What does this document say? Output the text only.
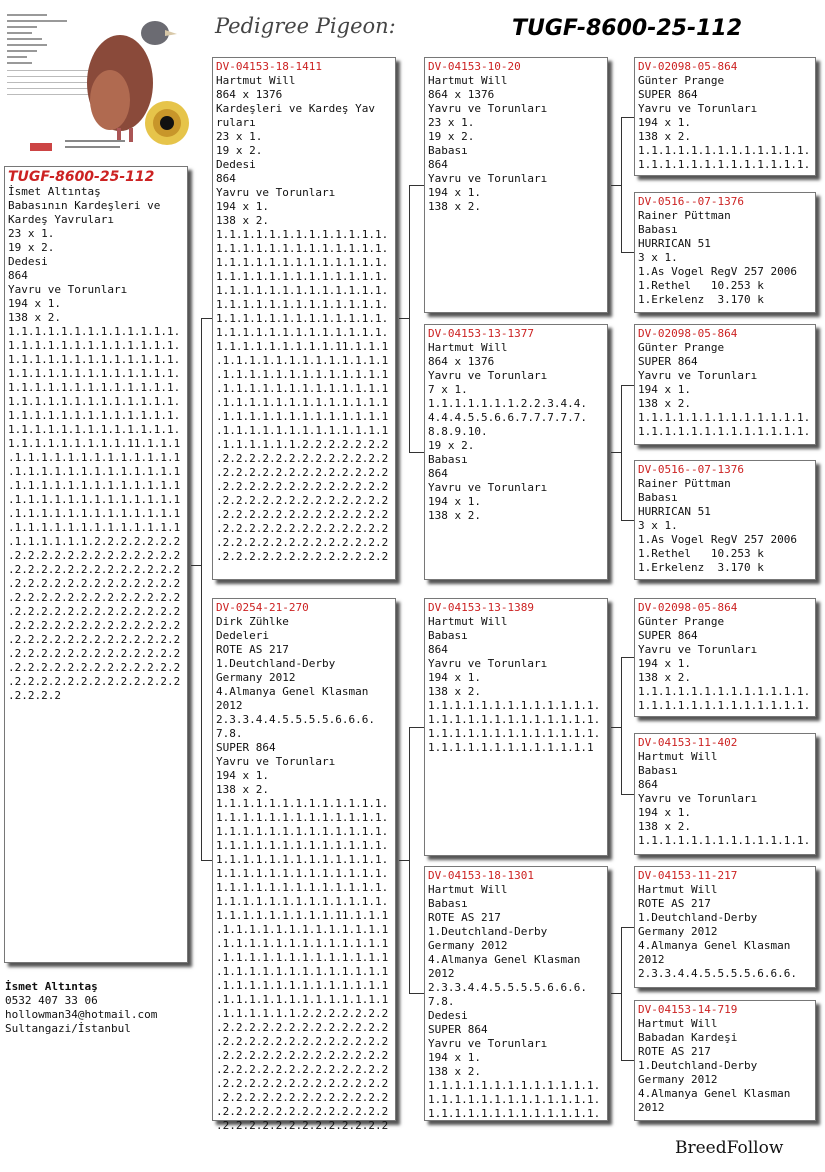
Pedigree Pigeon:	TUGF-8600-25-112
TUGF-8600-25-112
İsmet Altıntaş
Babasının Kardeşleri ve
Kardeş Yavruları
23 x 1.
19 x 2.
Dedesi
864
Yavru ve Torunları
194 x 1.
138 x 2.
1.1.1.1.1.1.1.1.1.1.1.1.1.
1.1.1.1.1.1.1.1.1.1.1.1.1.
1.1.1.1.1.1.1.1.1.1.1.1.1.
1.1.1.1.1.1.1.1.1.1.1.1.1.
1.1.1.1.1.1.1.1.1.1.1.1.1.
1.1.1.1.1.1.1.1.1.1.1.1.1.
1.1.1.1.1.1.1.1.1.1.1.1.1.
1.1.1.1.1.1.1.1.1.1.1.1.1.
1.1.1.1.1.1.1.1.1.11.1.1.1
.1.1.1.1.1.1.1.1.1.1.1.1.1
.1.1.1.1.1.1.1.1.1.1.1.1.1
.1.1.1.1.1.1.1.1.1.1.1.1.1
.1.1.1.1.1.1.1.1.1.1.1.1.1
.1.1.1.1.1.1.1.1.1.1.1.1.1
.1.1.1.1.1.1.1.1.1.1.1.1.1
.1.1.1.1.1.1.2.2.2.2.2.2.2
.2.2.2.2.2.2.2.2.2.2.2.2.2
.2.2.2.2.2.2.2.2.2.2.2.2.2
.2.2.2.2.2.2.2.2.2.2.2.2.2
.2.2.2.2.2.2.2.2.2.2.2.2.2
.2.2.2.2.2.2.2.2.2.2.2.2.2
.2.2.2.2.2.2.2.2.2.2.2.2.2
.2.2.2.2.2.2.2.2.2.2.2.2.2
.2.2.2.2.2.2.2.2.2.2.2.2.2
.2.2.2.2.2.2.2.2.2.2.2.2.2
.2.2.2.2.2.2.2.2.2.2.2.2.2
.2.2.2.2
DV-04153-18-1411
Hartmut Will
864 x 1376
Kardeşleri ve Kardeş Yav
ruları
23 x 1.
19 x 2.
Dedesi
864
Yavru ve Torunları
194 x 1.
138 x 2.
1.1.1.1.1.1.1.1.1.1.1.1.1.
1.1.1.1.1.1.1.1.1.1.1.1.1.
1.1.1.1.1.1.1.1.1.1.1.1.1.
1.1.1.1.1.1.1.1.1.1.1.1.1.
1.1.1.1.1.1.1.1.1.1.1.1.1.
1.1.1.1.1.1.1.1.1.1.1.1.1.
1.1.1.1.1.1.1.1.1.1.1.1.1.
1.1.1.1.1.1.1.1.1.1.1.1.1.
1.1.1.1.1.1.1.1.1.11.1.1.1
.1.1.1.1.1.1.1.1.1.1.1.1.1
.1.1.1.1.1.1.1.1.1.1.1.1.1
.1.1.1.1.1.1.1.1.1.1.1.1.1
.1.1.1.1.1.1.1.1.1.1.1.1.1
.1.1.1.1.1.1.1.1.1.1.1.1.1
.1.1.1.1.1.1.1.1.1.1.1.1.1
.1.1.1.1.1.1.2.2.2.2.2.2.2
.2.2.2.2.2.2.2.2.2.2.2.2.2
.2.2.2.2.2.2.2.2.2.2.2.2.2
.2.2.2.2.2.2.2.2.2.2.2.2.2
.2.2.2.2.2.2.2.2.2.2.2.2.2
.2.2.2.2.2.2.2.2.2.2.2.2.2
.2.2.2.2.2.2.2.2.2.2.2.2.2
.2.2.2.2.2.2.2.2.2.2.2.2.2
.2.2.2.2.2.2.2.2.2.2.2.2.2
DV-0254-21-270
Dirk Zühlke
Dedeleri
ROTE AS 217
1.Deutchland-Derby
Germany 2012
4.Almanya Genel Klasman
2012
2.3.3.4.4.5.5.5.5.6.6.6.
7.8.
SUPER 864
Yavru ve Torunları
194 x 1.
138 x 2.
1.1.1.1.1.1.1.1.1.1.1.1.1.
1.1.1.1.1.1.1.1.1.1.1.1.1.
1.1.1.1.1.1.1.1.1.1.1.1.1.
1.1.1.1.1.1.1.1.1.1.1.1.1.
1.1.1.1.1.1.1.1.1.1.1.1.1.
1.1.1.1.1.1.1.1.1.1.1.1.1.
1.1.1.1.1.1.1.1.1.1.1.1.1.
1.1.1.1.1.1.1.1.1.1.1.1.1.
1.1.1.1.1.1.1.1.1.11.1.1.1
.1.1.1.1.1.1.1.1.1.1.1.1.1
.1.1.1.1.1.1.1.1.1.1.1.1.1
.1.1.1.1.1.1.1.1.1.1.1.1.1
.1.1.1.1.1.1.1.1.1.1.1.1.1
.1.1.1.1.1.1.1.1.1.1.1.1.1
.1.1.1.1.1.1.1.1.1.1.1.1.1
.1.1.1.1.1.1.2.2.2.2.2.2.2
.2.2.2.2.2.2.2.2.2.2.2.2.2
.2.2.2.2.2.2.2.2.2.2.2.2.2
.2.2.2.2.2.2.2.2.2.2.2.2.2
.2.2.2.2.2.2.2.2.2.2.2.2.2
.2.2.2.2.2.2.2.2.2.2.2.2.2
.2.2.2.2.2.2.2.2.2.2.2.2.2
.2.2.2.2.2.2.2.2.2.2.2.2.2
.2.2.2.2.2.2.2.2.2.2.2.2.2
DV-04153-10-20
Hartmut Will
864 x 1376
Yavru ve Torunları
23 x 1.
19 x 2.
Babası
864
Yavru ve Torunları
194 x 1.
138 x 2.
DV-04153-13-1377
Hartmut Will
864 x 1376
Yavru ve Torunları
7 x 1.
1.1.1.1.1.1.1.2.2.3.4.4.
4.4.4.5.5.6.6.7.7.7.7.7.
8.8.9.10.
19 x 2.
Babası
864
Yavru ve Torunları
194 x 1.
138 x 2.
DV-04153-13-1389
Hartmut Will
Babası
864
Yavru ve Torunları
194 x 1.
138 x 2.
1.1.1.1.1.1.1.1.1.1.1.1.1.
1.1.1.1.1.1.1.1.1.1.1.1.1.
1.1.1.1.1.1.1.1.1.1.1.1.1.
1.1.1.1.1.1.1.1.1.1.1.1.1
DV-04153-18-1301
Hartmut Will
Babası
ROTE AS 217
1.Deutchland-Derby
Germany 2012
4.Almanya Genel Klasman
2012
2.3.3.4.4.5.5.5.5.6.6.6.
7.8.
Dedesi
SUPER 864
Yavru ve Torunları
194 x 1.
138 x 2.
1.1.1.1.1.1.1.1.1.1.1.1.1.
1.1.1.1.1.1.1.1.1.1.1.1.1.
1.1.1.1.1.1.1.1.1.1.1.1.1.
DV-02098-05-864
Günter Prange
SUPER 864
Yavru ve Torunları
194 x 1.
138 x 2.
1.1.1.1.1.1.1.1.1.1.1.1.1.
1.1.1.1.1.1.1.1.1.1.1.1.1.
DV-0516--07-1376
Rainer Püttman
Babası
HURRICAN 51
3 x 1.
1.As Vogel RegV 257 2006
1.Rethel   10.253 k
1.Erkelenz  3.170 k
DV-02098-05-864
Günter Prange
SUPER 864
Yavru ve Torunları
194 x 1.
138 x 2.
1.1.1.1.1.1.1.1.1.1.1.1.1.
1.1.1.1.1.1.1.1.1.1.1.1.1.
DV-0516--07-1376
Rainer Püttman
Babası
HURRICAN 51
3 x 1.
1.As Vogel RegV 257 2006
1.Rethel   10.253 k
1.Erkelenz  3.170 k
DV-02098-05-864
Günter Prange
SUPER 864
Yavru ve Torunları
194 x 1.
138 x 2.
1.1.1.1.1.1.1.1.1.1.1.1.1.
1.1.1.1.1.1.1.1.1.1.1.1.1.
DV-04153-11-402
Hartmut Will
Babası
864
Yavru ve Torunları
194 x 1.
138 x 2.
1.1.1.1.1.1.1.1.1.1.1.1.1.
DV-04153-11-217
Hartmut Will
ROTE AS 217
1.Deutchland-Derby
Germany 2012
4.Almanya Genel Klasman
2012
2.3.3.4.4.5.5.5.5.6.6.6.
DV-04153-14-719
Hartmut Will
Babadan Kardeşi
ROTE AS 217
1.Deutchland-Derby
Germany 2012
4.Almanya Genel Klasman
2012
İsmet Altıntaş
0532 407 33 06
hollowman34@hotmail.com
Sultangazi/İstanbul
BreedFollow
